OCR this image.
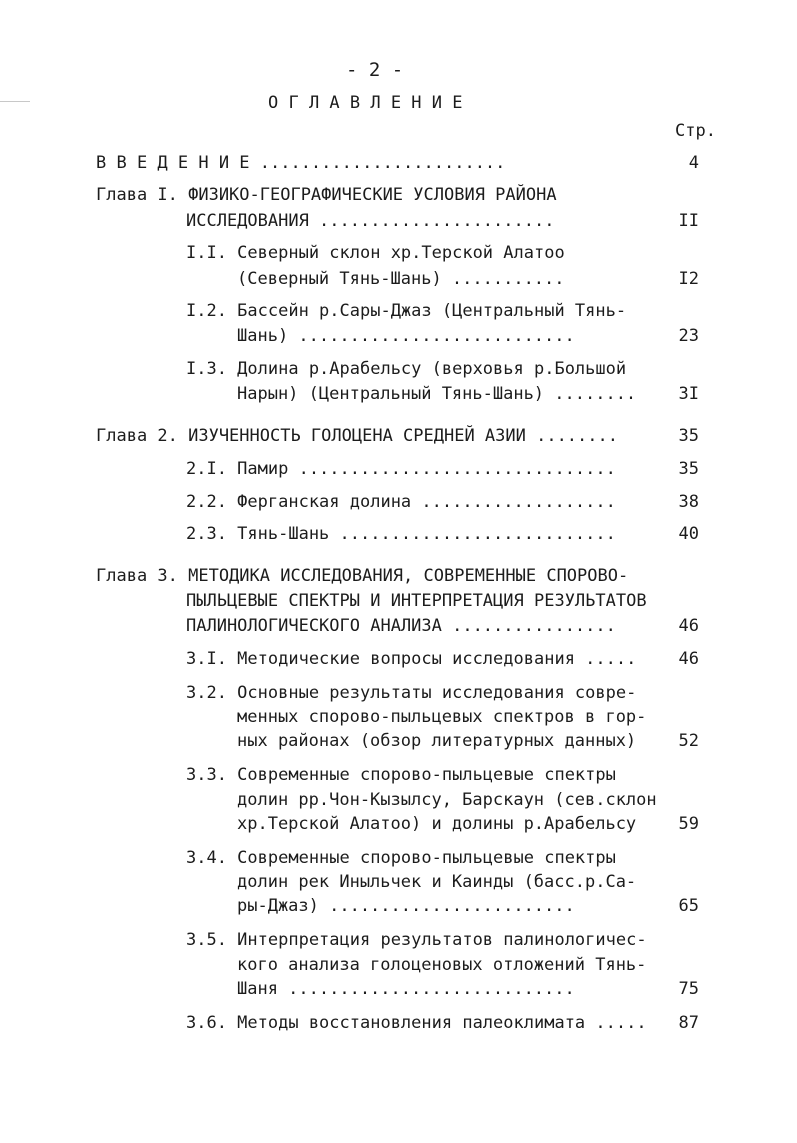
- 2 -
О Г Л А В Л Е Н И Е
Стр.
В В Е Д Е Н И Е ........................	4
Глава I. ФИЗИКО-ГЕОГРАФИЧЕСКИЕ УСЛОВИЯ РАЙОНА
ИССЛЕДОВАНИЯ .......................	II
I.I. Северный склон хр.Терской Алатоо
(Северный Тянь-Шань) ...........	I2
I.2. Бассейн р.Сары-Джаз (Центральный Тянь-
Шань) ...........................	23
I.3. Долина р.Арабельсу (верховья р.Большой
Нарын) (Центральный Тянь-Шань) ........ 3I
Глава 2. ИЗУЧЕННОСТЬ ГОЛОЦЕНА СРЕДНЕЙ АЗИИ ........	35
2.I. Памир ...............................	35
2.2. Ферганская долина ...................	38
2.3. Тянь-Шань ...........................	40
Глава 3. МЕТОДИКА ИССЛЕДОВАНИЯ, СОВРЕМЕННЫЕ СПОРОВО-
ПЫЛЬЦЕВЫЕ СПЕКТРЫ И ИНТЕРПРЕТАЦИЯ РЕЗУЛЬТАТОВ
ПАЛИНОЛОГИЧЕСКОГО АНАЛИЗА ................	46
3.I. Методические вопросы исследования ..... 46
3.2. Основные результаты исследования совре-
менных спорово-пыльцевых спектров в гор-
ных районах (обзор литературных данных) 52
3.3. Современные спорово-пыльцевые спектры
долин рр.Чон-Кызылсу, Барскаун (сев.склон
хр.Терской Алатоо) и долины р.Арабельсу 59
3.4. Современные спорово-пыльцевые спектры
долин рек Иныльчек и Каинды (басс.р.Са-
ры-Джаз) ........................	65
3.5. Интерпретация результатов палинологичес-
кого анализа голоценовых отложений Тянь-
Шаня ............................	75
3.6. Методы восстановления палеоклимата ..... 87
